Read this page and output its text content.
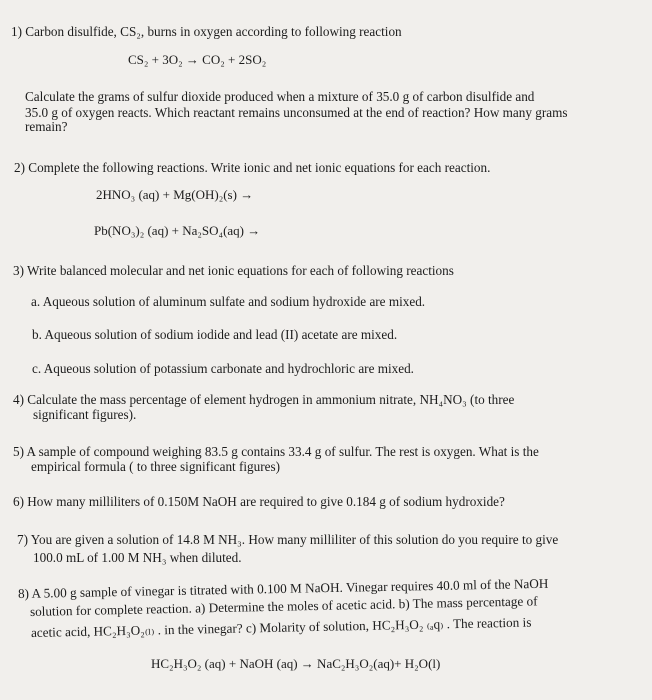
1) Carbon disulfide, CS₂, burns in oxygen according to following reaction
CS₂ + 3O₂ → CO₂ + 2SO₂
Calculate the grams of sulfur dioxide produced when a mixture of 35.0 g of carbon disulfide and
35.0 g of oxygen reacts. Which reactant remains unconsumed at the end of reaction? How many grams
remain?
2) Complete the following reactions. Write ionic and net ionic equations for each reaction.
2HNO₃ (aq) + Mg(OH)₂(s) →
Pb(NO₃)₂ (aq) + Na₂SO₄(aq) →
3) Write balanced molecular and net ionic equations for each of following reactions
a. Aqueous solution of aluminum sulfate and sodium hydroxide are mixed.
b. Aqueous solution of sodium iodide and lead (II) acetate are mixed.
c. Aqueous solution of potassium carbonate and hydrochloric are mixed.
4) Calculate the mass percentage of element hydrogen in ammonium nitrate, NH₄NO₃ (to three
significant figures).
5) A sample of compound weighing 83.5 g contains 33.4 g of sulfur. The rest is oxygen. What is the
empirical formula ( to three significant figures)
6) How many milliliters of 0.150M NaOH are required to give 0.184 g of sodium hydroxide?
7) You are given a solution of 14.8 M NH₃. How many milliliter of this solution do you require to give
100.0 mL of 1.00 M NH₃ when diluted.
8) A 5.00 g sample of vinegar is titrated with 0.100 M NaOH. Vinegar requires 40.0 ml of the NaOH
solution for complete reaction. a) Determine the moles of acetic acid. b) The mass percentage of
acetic acid, HC₂H₃O₂₍ₗ₎ . in the vinegar? c) Molarity of solution, HC₂H₃O₂ ₍ₐq₎ . The reaction is
HC₂H₃O₂ (aq) + NaOH (aq) → NaC₂H₃O₂(aq)+ H₂O(l)
